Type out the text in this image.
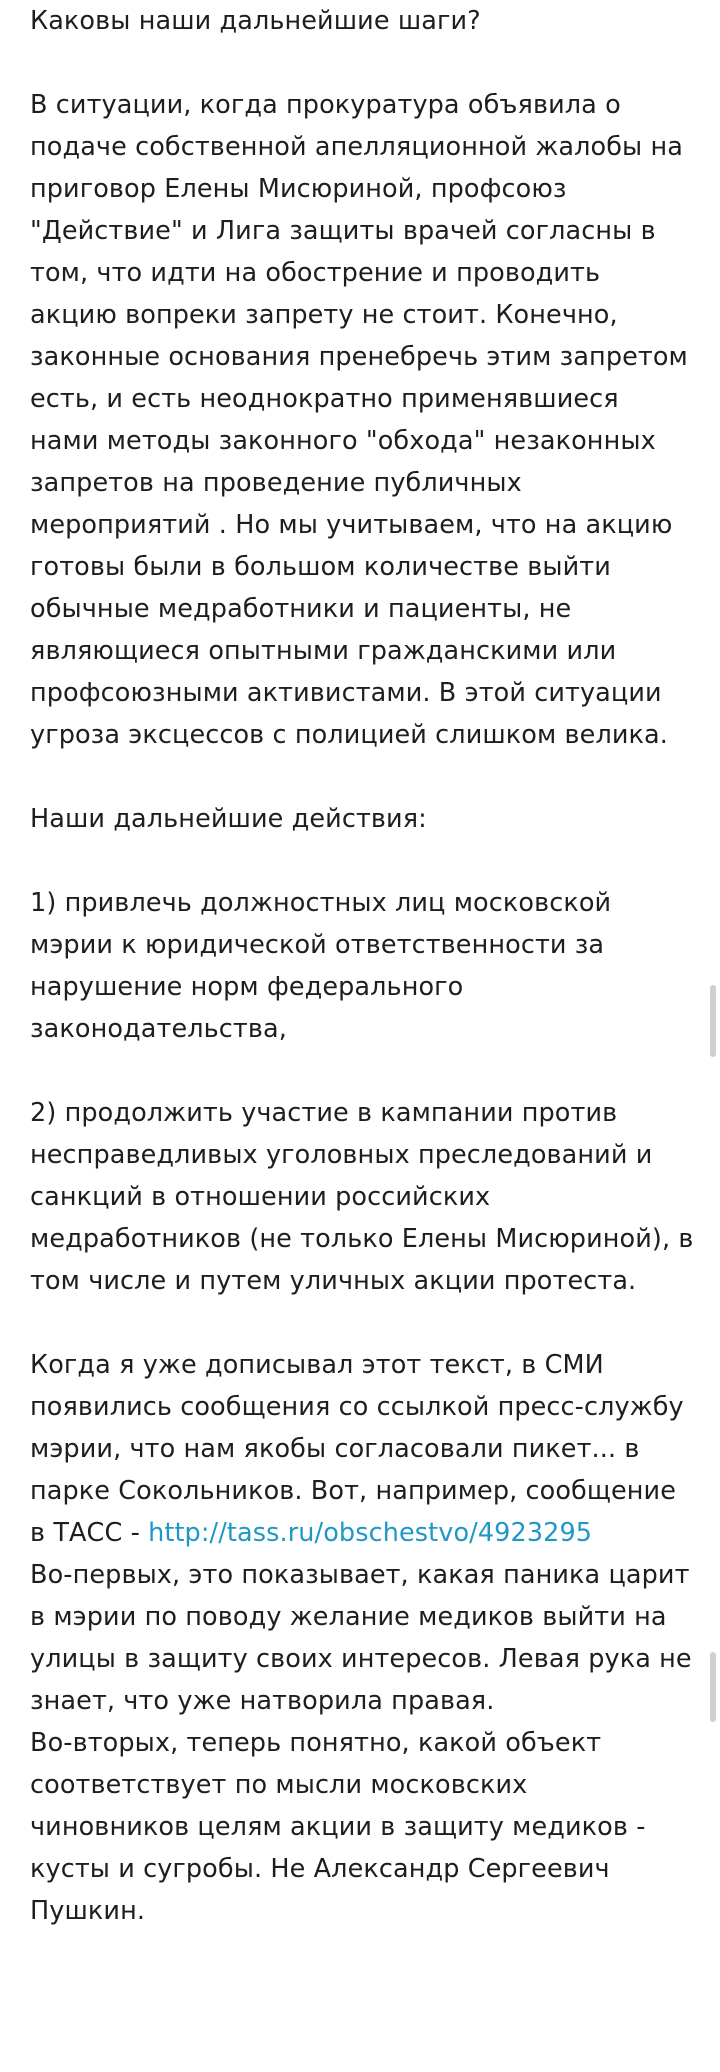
Каковы наши дальнейшие шаги?

В ситуации, когда прокуратура объявила о подаче собственной апелляционной жалобы на приговор Елены Мисюриной, профсоюз "Действие" и Лига защиты врачей согласны в том, что идти на обострение и проводить акцию вопреки запрету не стоит. Конечно, законные основания пренебречь этим запретом есть, и есть неоднократно применявшиеся нами методы законного "обхода" незаконных запретов на проведение публичных мероприятий . Но мы учитываем, что на акцию готовы были в большом количестве выйти обычные медработники и пациенты, не являющиеся опытными гражданскими или профсоюзными активистами. В этой ситуации угроза эксцессов с полицией слишком велика.

Наши дальнейшие действия:

1) привлечь должностных лиц московской мэрии к юридической ответственности за нарушение норм федерального законодательства,

2) продолжить участие в кампании против несправедливых уголовных преследований и санкций в отношении российских медработников (не только Елены Мисюриной), в том числе и путем уличных акции протеста.

Когда я уже дописывал этот текст, в СМИ появились сообщения со ссылкой пресс-службу мэрии, что нам якобы согласовали пикет... в парке Сокольников. Вот, например, сообщение в ТАСС - http://tass.ru/obschestvo/4923295

Во-первых, это показывает, какая паника царит в мэрии по поводу желание медиков выйти на улицы в защиту своих интересов. Левая рука не знает, что уже натворила правая.

Во-вторых, теперь понятно, какой объект соответствует по мысли московских чиновников целям акции в защиту медиков - кусты и сугробы. Не Александр Сергеевич Пушкин.
